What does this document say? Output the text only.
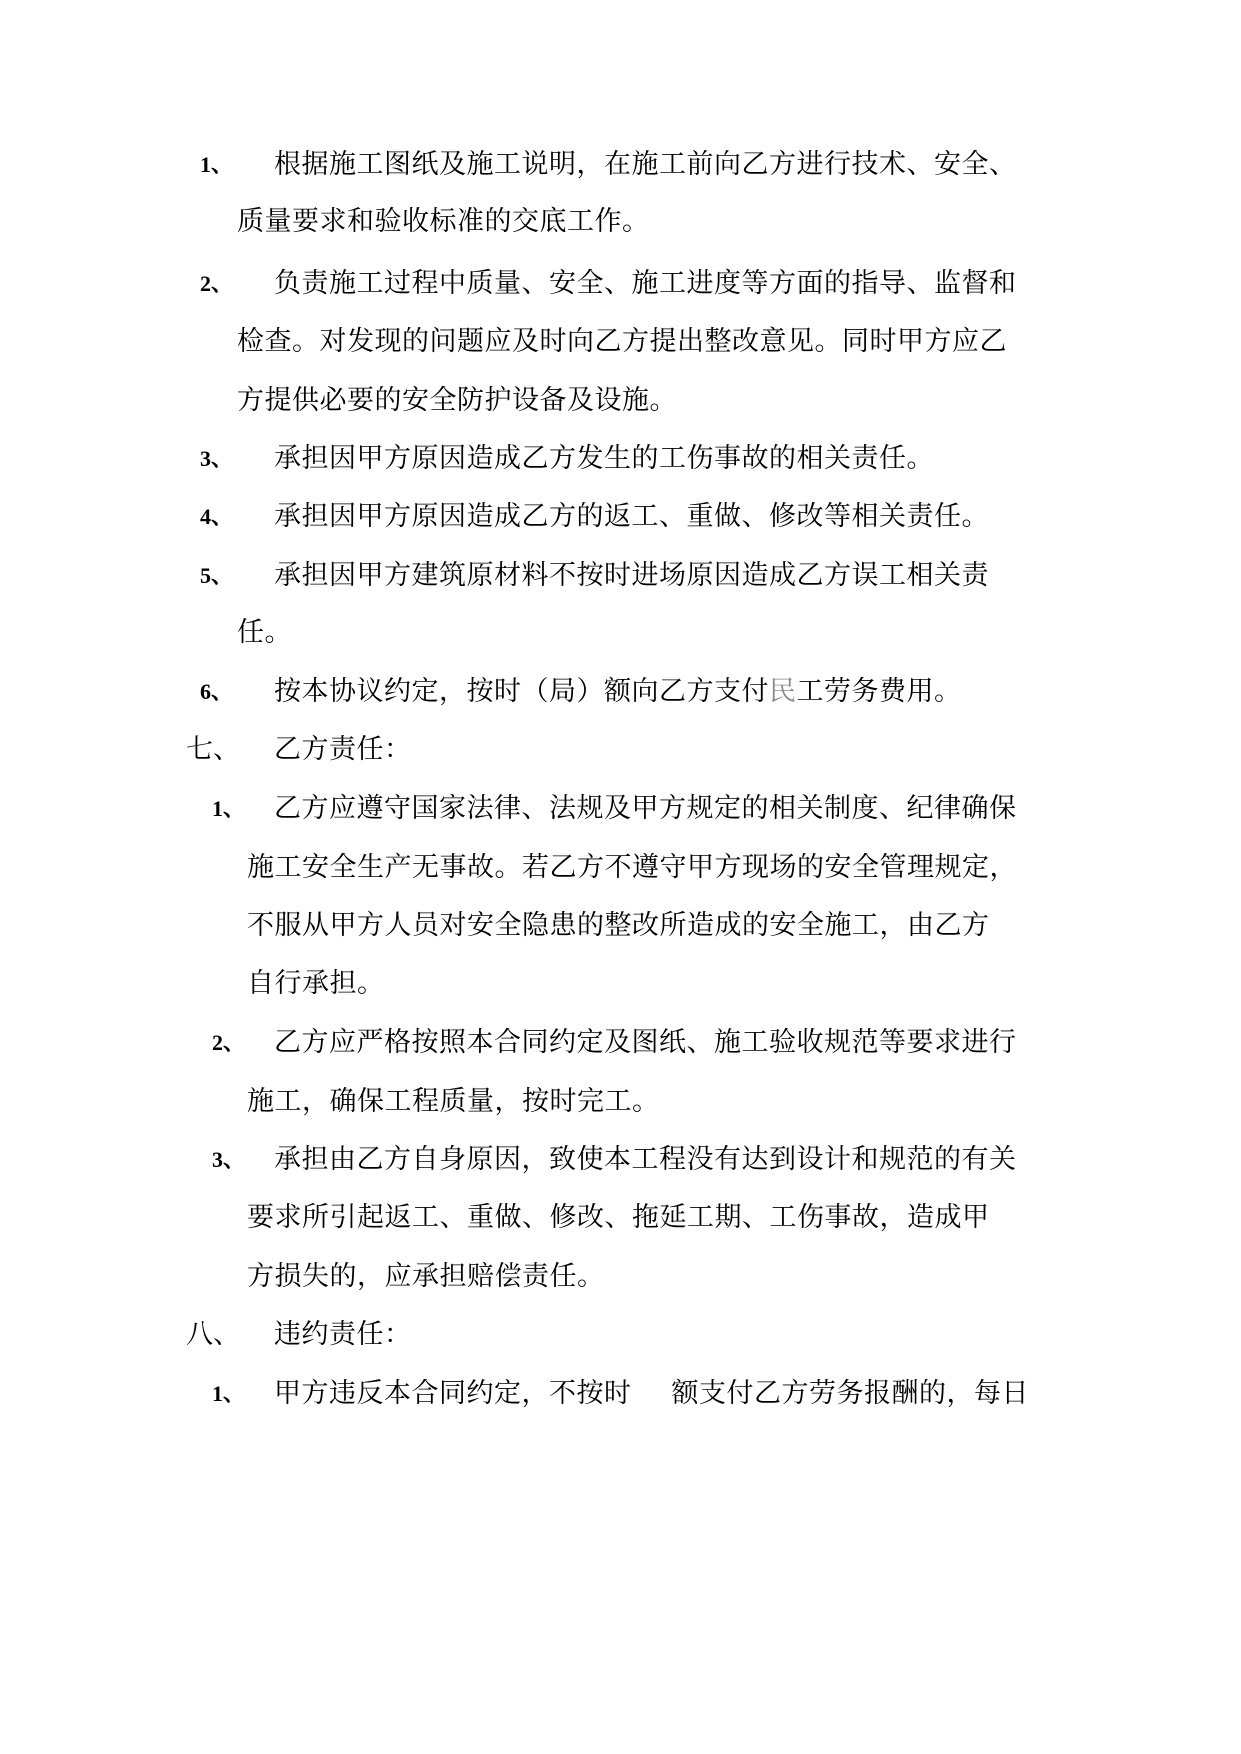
1、 根据施工图纸及施工说明，在施工前向乙方进行技术、安全、
质量要求和验收标准的交底工作。
2、 负责施工过程中质量、安全、施工进度等方面的指导、监督和
检查。对发现的问题应及时向乙方提出整改意见。同时甲方应乙
方提供必要的安全防护设备及设施。
3、 承担因甲方原因造成乙方发生的工伤事故的相关责任。
4、 承担因甲方原因造成乙方的返工、重做、修改等相关责任。
5、 承担因甲方建筑原材料不按时进场原因造成乙方误工相关责
任。
6、 按本协议约定，按时（局）额向乙方支付民工劳务费用。
七、 乙方责任：
1、 乙方应遵守国家法律、法规及甲方规定的相关制度、纪律确保
施工安全生产无事故。若乙方不遵守甲方现场的安全管理规定，
不服从甲方人员对安全隐患的整改所造成的安全施工，由乙方
自行承担。
2、 乙方应严格按照本合同约定及图纸、施工验收规范等要求进行
施工，确保工程质量，按时完工。
3、 承担由乙方自身原因，致使本工程没有达到设计和规范的有关
要求所引起返工、重做、修改、拖延工期、工伤事故，造成甲
方损失的，应承担赔偿责任。
八、 违约责任：
1、 甲方违反本合同约定，不按时 额支付乙方劳务报酬的，每日
